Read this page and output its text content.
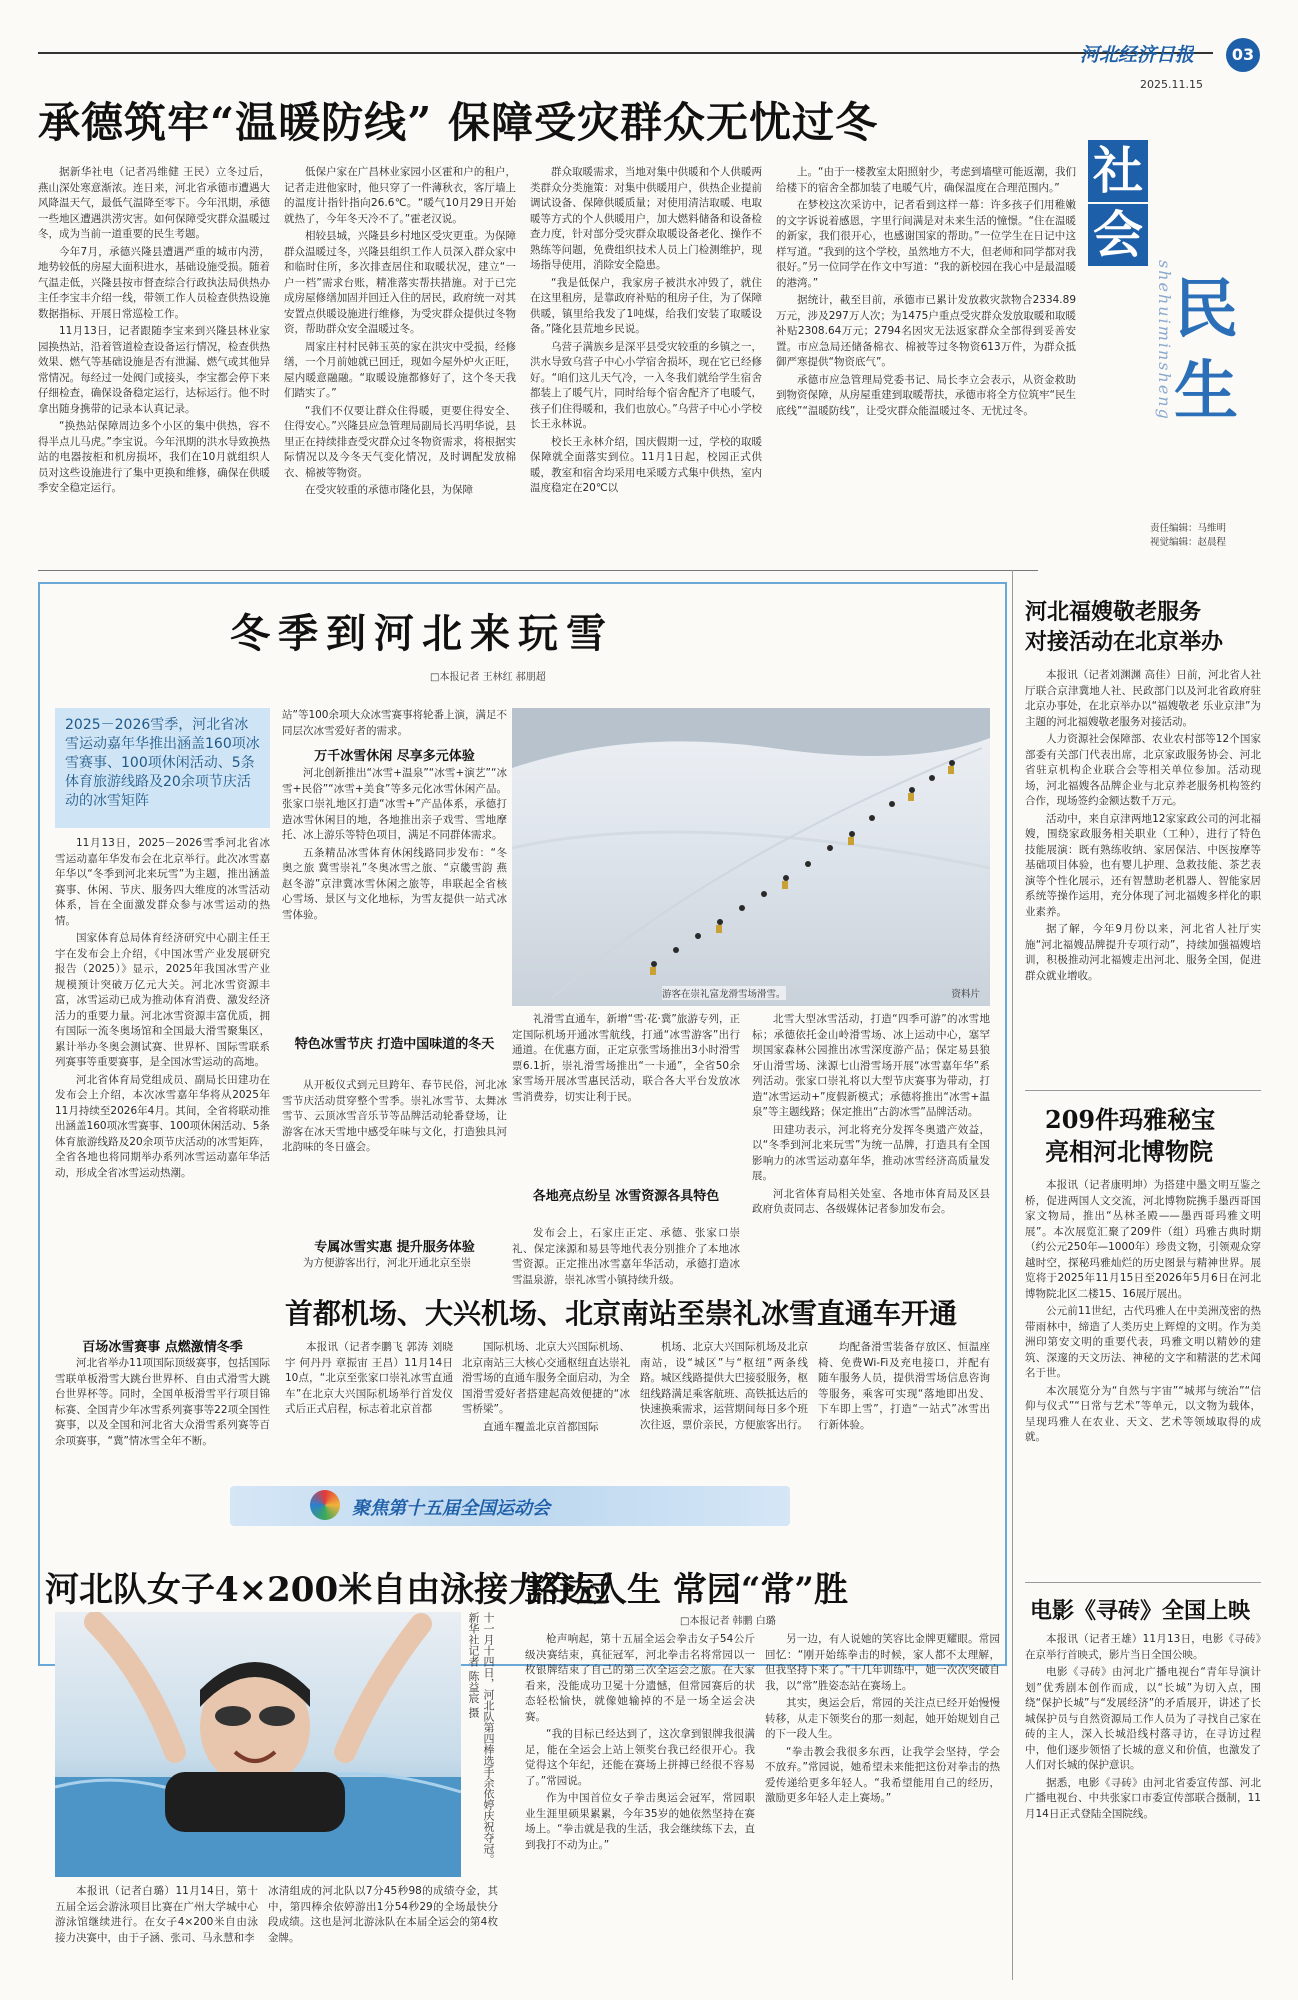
河北经济日报	03
2025.11.15
承德筑牢“温暖防线” 保障受灾群众无忧过冬
社
会
民
生
shehuiminsheng
责任编辑：马维明
视觉编辑：赵晨程

据新华社电（记者冯维健 王民）立冬过后，燕山深处寒意渐浓。连日来，河北省承德市遭遇大风降温天气，最低气温降至零下。今年汛期，承德一些地区遭遇洪涝灾害。如何保障受灾群众温暖过冬，成为当前一道重要的民生考题。

今年7月，承德兴隆县遭遇严重的城市内涝，地势较低的房屋大面积进水，基础设施受损。随着气温走低，兴隆县按市督查综合行政执法局供热办主任李宝丰介绍一线，带领工作人员检查供热设施数据指标、开展日常巡检工作。

11月13日，记者跟随李宝来到兴隆县林业家园换热站，沿着管道检查设备运行情况，检查供热效果、燃气等基础设施是否有泄漏、燃气或其他异常情况。每经过一处阀门或接头，李宝都会停下来仔细检查，确保设备稳定运行，达标运行。他不时拿出随身携带的记录本认真记录。

“换热站保障周边多个小区的集中供热，容不得半点儿马虎。”李宝说。今年汛期的洪水导致换热站的电器按柜和机房损坏，我们在10月就组织人员对这些设施进行了集中更换和维修，确保在供暖季安全稳定运行。

低保户家在广昌林业家园小区霍和户的租户，记者走进他家时，他只穿了一件薄秋衣，客厅墙上的温度计指针指向26.6℃。“暖气10月29日开始就热了，今年冬天冷不了。”霍老汉说。

相较县城，兴隆县乡村地区受灾更重。为保障群众温暖过冬，兴隆县组织工作人员深入群众家中和临时住所，多次排查居住和取暖状况，建立“一户一档”需求台账，精准落实帮扶措施。对于已完成房屋修缮加固并回迁入住的居民，政府统一对其安置点供暖设施进行维修，为受灾群众提供过冬物资，帮助群众安全温暖过冬。

周家庄村村民韩玉英的家在洪灾中受损，经修缮，一个月前她就已回迁，现如今屋外炉火正旺，屋内暖意融融。“取暖设施都修好了，这个冬天我们踏实了。”

“我们不仅要让群众住得暖，更要住得安全、住得安心。”兴隆县应急管理局副局长冯明华说，县里正在持续排查受灾群众过冬物资需求，将根据实际情况以及今冬天气变化情况，及时调配发放棉衣、棉被等物资。

在受灾较重的承德市隆化县，为保障

群众取暖需求，当地对集中供暖和个人供暖两类群众分类施策：对集中供暖用户，供热企业提前调试设备、保障供暖质量；对使用清洁取暖、电取暖等方式的个人供暖用户，加大燃料储备和设备检查力度，针对部分受灾群众取暖设备老化、操作不熟练等问题，免费组织技术人员上门检测维护，现场指导使用，消除安全隐患。

“我是低保户，我家房子被洪水冲毁了，就住在这里租房，是靠政府补贴的租房子住，为了保障供暖，镇里给我发了1吨煤，给我们安装了取暖设备。”隆化县荒地乡民说。

乌营子满族乡是深平县受灾较重的乡镇之一，洪水导致乌营子中心小学宿舍损坏，现在它已经修好。“咱们这儿天气冷，一入冬我们就给学生宿舍都装上了暖气片，同时给每个宿舍配齐了电暖气，孩子们住得暖和，我们也放心。”乌营子中心小学校长王永林说。

校长王永林介绍，国庆假期一过，学校的取暖保障就全面落实到位。11月1日起，校园正式供暖，教室和宿舍均采用电采暖方式集中供热，室内温度稳定在20℃以

上。“由于一楼教室太阳照射少，考虑到墙壁可能返潮，我们给楼下的宿舍全都加装了电暖气片，确保温度在合理范围内。”

在梦校这次采访中，记者看到这样一幕：许多孩子们用稚嫩的文字诉说着感恩，字里行间满是对未来生活的憧憬。“住在温暖的新家，我们很开心，也感谢国家的帮助。”一位学生在日记中这样写道。“我到的这个学校，虽然地方不大，但老师和同学都对我很好。”另一位同学在作文中写道：“我的新校园在我心中是最温暖的港湾。”

据统计，截至目前，承德市已累计发放救灾款物合2334.89万元，涉及297万人次；为1475户重点受灾群众发放取暖和取暖补贴2308.64万元；2794名因灾无法返家群众全部得到妥善安置。市应急局还储备棉衣、棉被等过冬物资613万件，为群众抵御严寒提供“物资底气”。

承德市应急管理局党委书记、局长李立会表示，从资金救助到物资保障，从房屋重建到取暖帮扶，承德市将全方位筑牢“民生底线”“温暖防线”，让受灾群众能温暖过冬、无忧过冬。

冬季到河北来玩雪
□本报记者 王林红 郝朋超
2025－2026雪季，河北省冰雪运动嘉年华推出涵盖160项冰雪赛事、100项休闲活动、5条体育旅游线路及20余项节庆活动的冰雪矩阵

11月13日，2025－2026雪季河北省冰雪运动嘉年华发布会在北京举行。此次冰雪嘉年华以“冬季到河北来玩雪”为主题，推出涵盖赛事、休闲、节庆、服务四大维度的冰雪活动体系，旨在全面激发群众参与冰雪运动的热情。

国家体育总局体育经济研究中心副主任王宇在发布会上介绍，《中国冰雪产业发展研究报告（2025）》显示，2025年我国冰雪产业规模预计突破万亿元大关。河北冰雪资源丰富，冰雪运动已成为推动体育消费、激发经济活力的重要力量。河北冰雪资源丰富优质，拥有国际一流冬奥场馆和全国最大滑雪聚集区，累计举办冬奥会测试赛、世界杯、国际雪联系列赛事等重要赛事，是全国冰雪运动的高地。

河北省体育局党组成员、副局长田建功在发布会上介绍，本次冰雪嘉年华将从2025年11月持续至2026年4月。其间，全省将联动推出涵盖160项冰雪赛事、100项休闲活动、5条体育旅游线路及20余项节庆活动的冰雪矩阵，全省各地也将同期举办系列冰雪运动嘉年华活动，形成全省冰雪运动热潮。

百场冰雪赛事 点燃激情冬季

河北省举办11项国际顶级赛事，包括国际雪联单板滑雪大跳台世界杯、自由式滑雪大跳台世界杯等。同时，全国单板滑雪平行项目锦标赛、全国青少年冰雪系列赛事等22项全国性赛事，以及全国和河北省大众滑雪系列赛等百余项赛事，“冀”情冰雪全年不断。

站”等100余项大众冰雪赛事将轮番上演，满足不同层次冰雪爱好者的需求。

万千冰雪休闲 尽享多元体验

河北创新推出“冰雪+温泉”“冰雪+演艺”“冰雪+民俗”“冰雪+美食”等多元化冰雪休闲产品。张家口崇礼地区打造“冰雪+”产品体系，承德打造冰雪休闲目的地，各地推出亲子戏雪、雪地摩托、冰上游乐等特色项目，满足不同群体需求。

五条精品冰雪体育休闲线路同步发布：“冬奥之旅 冀雪崇礼”冬奥冰雪之旅、“京畿雪韵 燕赵冬游”京津冀冰雪休闲之旅等，串联起全省核心雪场、景区与文化地标，为雪友提供一站式冰雪体验。

特色冰雪节庆 打造中国味道的冬天

从开板仪式到元旦跨年、春节民俗，河北冰雪节庆活动贯穿整个雪季。崇礼冰雪节、太舞冰雪节、云顶冰雪音乐节等品牌活动轮番登场，让游客在冰天雪地中感受年味与文化，打造独具河北韵味的冬日盛会。

专属冰雪实惠 提升服务体验

为方便游客出行，河北开通北京至崇

游客在崇礼富龙滑雪场滑雪。	资料片

礼滑雪直通车，新增“雪·花·冀”旅游专列，正定国际机场开通冰雪航线，打通“冰雪游客”出行通道。在优惠方面，正定京张雪场推出3小时滑雪票6.1折，崇礼滑雪场推出“一卡通”，全省50余家雪场开展冰雪惠民活动，联合各大平台发放冰雪消费券，切实让利于民。

各地亮点纷呈 冰雪资源各具特色

发布会上，石家庄正定、承德、张家口崇礼、保定涞源和易县等地代表分别推介了本地冰雪资源。正定推出冰雪嘉年华活动，承德打造冰雪温泉游，崇礼冰雪小镇持续升级。

北雪大型冰雪活动，打造“四季可游”的冰雪地标；承德依托金山岭滑雪场、冰上运动中心，塞罕坝国家森林公园推出冰雪深度游产品；保定易县狼牙山滑雪场、涞源七山滑雪场开展“冰雪嘉年华”系列活动。张家口崇礼将以大型节庆赛事为带动，打造“冰雪运动+”度假新模式；承德将推出“冰雪+温泉”等主题线路；保定推出“古韵冰雪”品牌活动。

田建功表示，河北将充分发挥冬奥遗产效益，以“冬季到河北来玩雪”为统一品牌，打造具有全国影响力的冰雪运动嘉年华，推动冰雪经济高质量发展。

河北省体育局相关处室、各地市体育局及区县政府负责同志、各级媒体记者参加发布会。

首都机场、大兴机场、北京南站至崇礼冰雪直通车开通

本报讯（记者李鹏飞 郭涛 刘晓宇 何丹丹 章振宙 王昌）11月14日10点，“北京至张家口崇礼冰雪直通车”在北京大兴国际机场举行首发仪式后正式启程，标志着北京首都

国际机场、北京大兴国际机场、北京南站三大核心交通枢纽直达崇礼滑雪场的直通车服务全面启动，为全国滑雪爱好者搭建起高效便捷的“冰雪桥梁”。

直通车覆盖北京首都国际

机场、北京大兴国际机场及北京南站，设“城区”与“枢纽”两条线路。城区线路提供大巴接驳服务，枢纽线路满足乘客航班、高铁抵达后的快速换乘需求，运营期间每日多个班次往返，票价亲民，方便旅客出行。

均配备滑雪装备存放区、恒温座椅、免费Wi-Fi及充电接口，并配有随车服务人员，提供滑雪场信息咨询等服务，乘客可实现“落地即出发、下车即上雪”，打造“一站式”冰雪出行新体验。

聚焦第十五届全国运动会
河北队女子4×200米自由泳接力夺冠
十一月十四日，河北队第四棒选手余依婷庆祝夺冠。新华社记者 陈益宸 摄

本报讯（记者白璐）11月14日，第十五届全运会游泳项目比赛在广州大学城中心游泳馆继续进行。在女子4×200米自由泳接力决赛中，由于子涵、张司、马永慧和李

冰清组成的河北队以7分45秒98的成绩夺金，其中，第四棒余依婷游出1分54秒29的全场最快分段成绩。这也是河北游泳队在本届全运会的第4枚金牌。

豁达人生 常园“常”胜
□本报记者 韩鹏 白璐

枪声响起，第十五届全运会拳击女子54公斤级决赛结束，真征冠军，河北拳击名将常园以一枚银牌结束了自己的第三次全运会之旅。在大家看来，没能成功卫冕十分遗憾，但常园赛后的状态轻松愉快，就像她输掉的不是一场全运会决赛。

“我的目标已经达到了，这次拿到银牌我很满足，能在全运会上站上领奖台我已经很开心。我觉得这个年纪，还能在赛场上拼搏已经很不容易了。”常园说。

作为中国首位女子拳击奥运会冠军，常园职业生涯里硕果累累，今年35岁的她依然坚持在赛场上。“拳击就是我的生活，我会继续练下去，直到我打不动为止。”

另一边，有人说她的笑容比金牌更耀眼。常园回忆：“刚开始练拳击的时候，家人都不太理解，但我坚持下来了。”十几年训练中，她一次次突破自我，以“常”胜姿态站在赛场上。

其实，奥运会后，常园的关注点已经开始慢慢转移，从走下领奖台的那一刻起，她开始规划自己的下一段人生。

“拳击教会我很多东西，让我学会坚持，学会不放弃。”常园说，她希望未来能把这份对拳击的热爱传递给更多年轻人。“我希望能用自己的经历，激励更多年轻人走上赛场。”

河北福嫂敬老服务
对接活动在北京举办

本报讯（记者刘渊渊 高佳）日前，河北省人社厅联合京津冀地人社、民政部门以及河北省政府驻北京办事处，在北京举办以“福嫂敬老 乐业京津”为主题的河北福嫂敬老服务对接活动。

人力资源社会保障部、农业农村部等12个国家部委有关部门代表出席，北京家政服务协会、河北省驻京机构企业联合会等相关单位参加。活动现场，河北福嫂各品牌企业与北京养老服务机构签约合作，现场签约金额达数千万元。

活动中，来自京津两地12家家政公司的河北福嫂，围绕家政服务相关职业（工种），进行了特色技能展演：既有熟练收纳、家居保洁、中医按摩等基础项目体验，也有婴儿护理、急救技能、茶艺表演等个性化展示，还有智慧助老机器人、智能家居系统等操作运用，充分体现了河北福嫂多样化的职业素养。

据了解，今年9月份以来，河北省人社厅实施“河北福嫂品牌提升专项行动”，持续加强福嫂培训，积极推动河北福嫂走出河北、服务全国，促进群众就业增收。

209件玛雅秘宝
亮相河北博物院

本报讯（记者康明坤）为搭建中墨文明互鉴之桥，促进两国人文交流，河北博物院携手墨西哥国家文物局，推出“丛林圣殿——墨西哥玛雅文明展”。本次展览汇聚了209件（组）玛雅古典时期（约公元250年—1000年）珍贵文物，引领观众穿越时空，探秘玛雅灿烂的历史图景与精神世界。展览将于2025年11月15日至2026年5月6日在河北博物院北区二楼15、16展厅展出。

公元前11世纪，古代玛雅人在中美洲茂密的热带雨林中，缔造了人类历史上辉煌的文明。作为美洲印第安文明的重要代表，玛雅文明以精妙的建筑、深邃的天文历法、神秘的文字和精湛的艺术闻名于世。

本次展览分为“自然与宇宙”“城邦与统治”“信仰与仪式”“日常与艺术”等单元，以文物为载体，呈现玛雅人在农业、天文、艺术等领域取得的成就。

电影《寻砖》全国上映

本报讯（记者王雄）11月13日，电影《寻砖》在京举行首映式，影片当日全国公映。

电影《寻砖》由河北广播电视台“青年导演计划”优秀剧本创作而成，以“长城”为切入点，围绕“保护长城”与“发展经济”的矛盾展开，讲述了长城保护员与自然资源局工作人员为了寻找自己家在砖的主人，深入长城沿线村落寻访，在寻访过程中，他们逐步领悟了长城的意义和价值，也激发了人们对长城的保护意识。

据悉，电影《寻砖》由河北省委宣传部、河北广播电视台、中共张家口市委宣传部联合摄制，11月14日正式登陆全国院线。
